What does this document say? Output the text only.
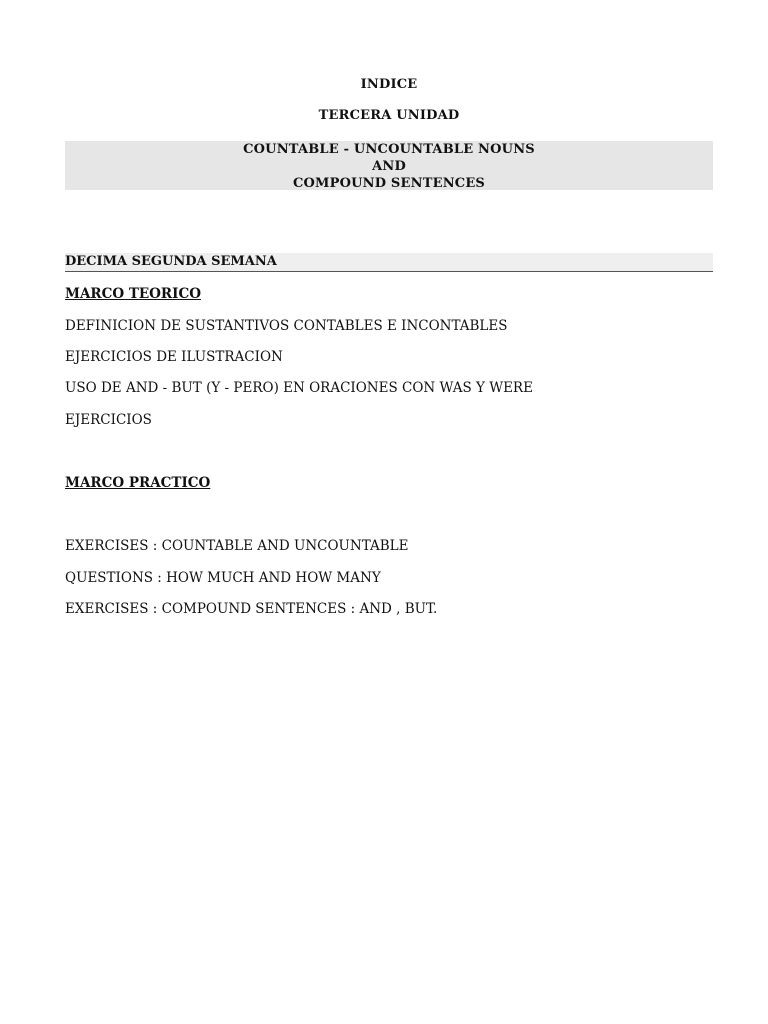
INDICE
TERCERA UNIDAD
COUNTABLE - UNCOUNTABLE NOUNS
AND
COMPOUND SENTENCES
DECIMA SEGUNDA SEMANA
MARCO TEORICO
DEFINICION DE SUSTANTIVOS CONTABLES E INCONTABLES
EJERCICIOS DE ILUSTRACION
USO DE AND - BUT (Y - PERO) EN ORACIONES CON WAS Y WERE
EJERCICIOS
MARCO PRACTICO
EXERCISES : COUNTABLE AND UNCOUNTABLE
QUESTIONS : HOW MUCH AND HOW MANY
EXERCISES : COMPOUND SENTENCES : AND , BUT.
